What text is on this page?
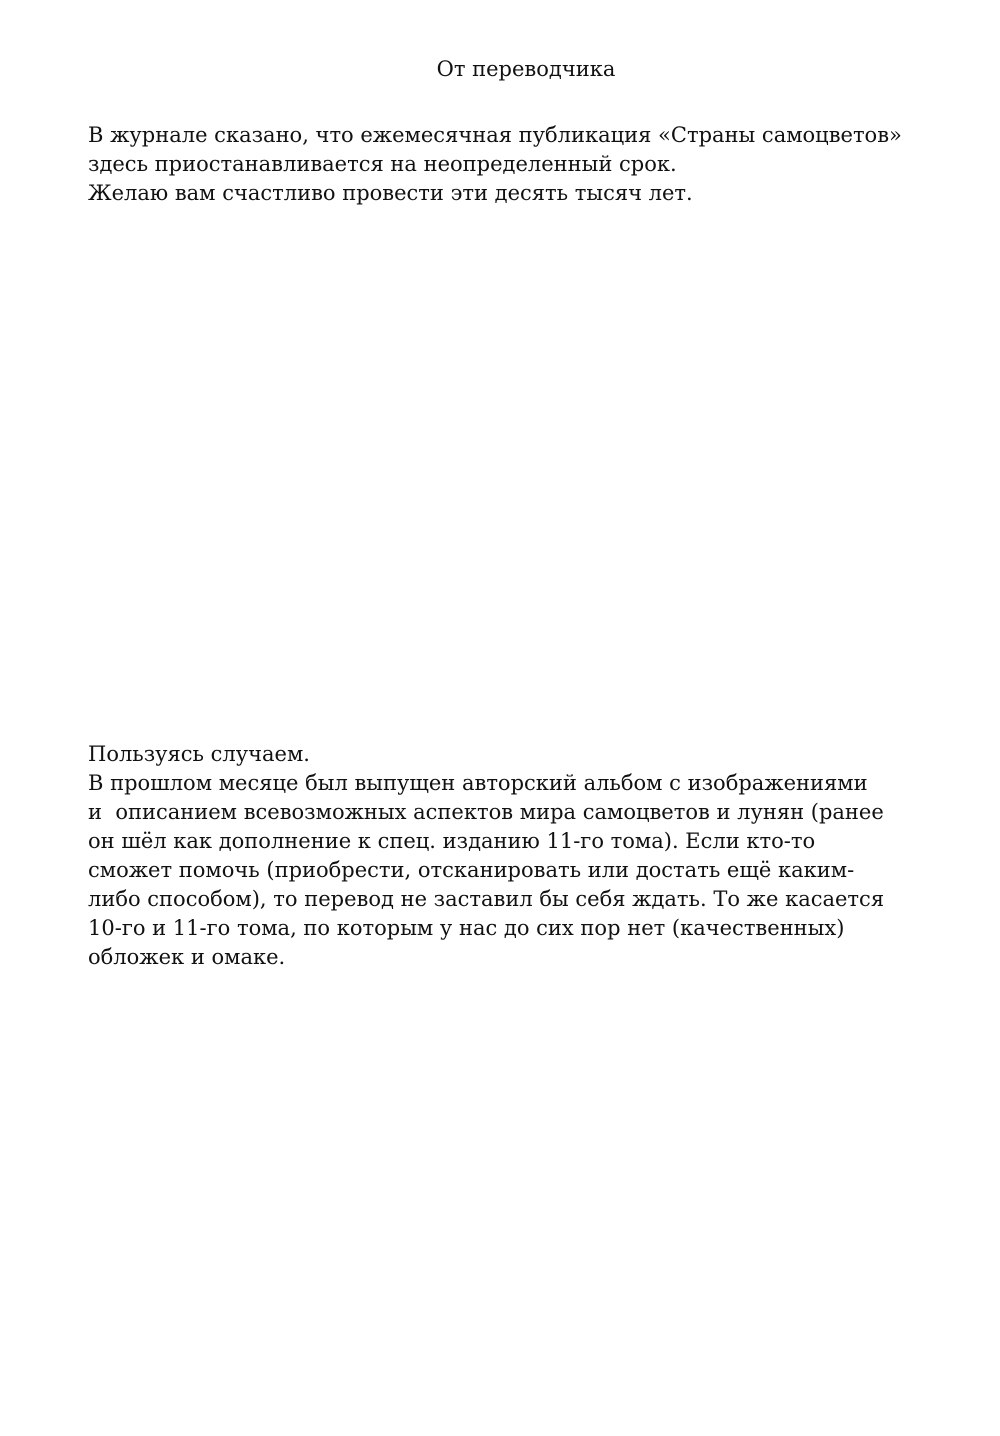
От переводчика
В журнале сказано, что ежемесячная публикация «Страны самоцветов»
здесь приостанавливается на неопределенный срок.
Желаю вам счастливо провести эти десять тысяч лет.
Пользуясь случаем.
В прошлом месяце был выпущен авторский альбом с изображениями
и  описанием всевозможных аспектов мира самоцветов и лунян (ранее
он шёл как дополнение к спец. изданию 11-го тома). Если кто-то
сможет помочь (приобрести, отсканировать или достать ещё каким-
либо способом), то перевод не заставил бы себя ждать. То же касается
10-го и 11-го тома, по которым у нас до сих пор нет (качественных)
обложек и омаке.
